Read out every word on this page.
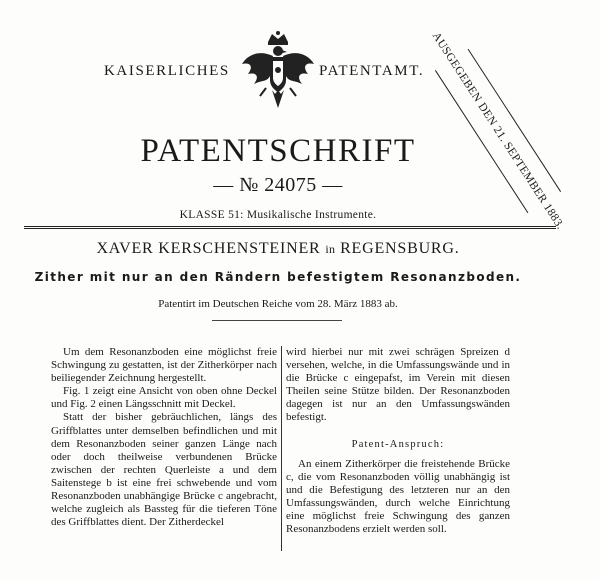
KAISERLICHES	PATENTAMT. AUSGEGEBEN DEN 21. SEPTEMBER 1883.
PATENTSCHRIFT
— № 24075 —
KLASSE 51: Musikalische Instrumente.
XAVER KERSCHENSTEINER in REGENSBURG.
Zither mit nur an den Rändern befestigtem Resonanzboden.
Patentirt im Deutschen Reiche vom 28. März 1883 ab.

Um dem Resonanzboden eine möglichst freie Schwingung zu gestatten, ist der Zitherkörper nach beiliegender Zeichnung hergestellt.

Fig. 1 zeigt eine Ansicht von oben ohne Deckel und Fig. 2 einen Längsschnitt mit Deckel.

Statt der bisher gebräuchlichen, längs des Griffblattes unter demselben befindlichen und mit dem Resonanzboden seiner ganzen Länge nach oder doch theilweise verbundenen Brücke zwischen der rechten Querleiste a und dem Saitenstege b ist eine frei schwebende und vom Resonanzboden unabhängige Brücke c angebracht, welche zugleich als Bassteg für die tieferen Töne des Griffblattes dient. Der Zitherdeckel

wird hierbei nur mit zwei schrägen Spreizen d versehen, welche, in die Umfassungswände und in die Brücke c eingepafst, im Verein mit diesen Theilen seine Stütze bilden. Der Resonanzboden dagegen ist nur an den Umfassungswänden befestigt.

Patent-Anspruch:

An einem Zitherkörper die freistehende Brücke c, die vom Resonanzboden völlig unabhängig ist und die Befestigung des letzteren nur an den Umfassungswänden, durch welche Einrichtung eine möglichst freie Schwingung des ganzen Resonanzbodens erzielt werden soll.
